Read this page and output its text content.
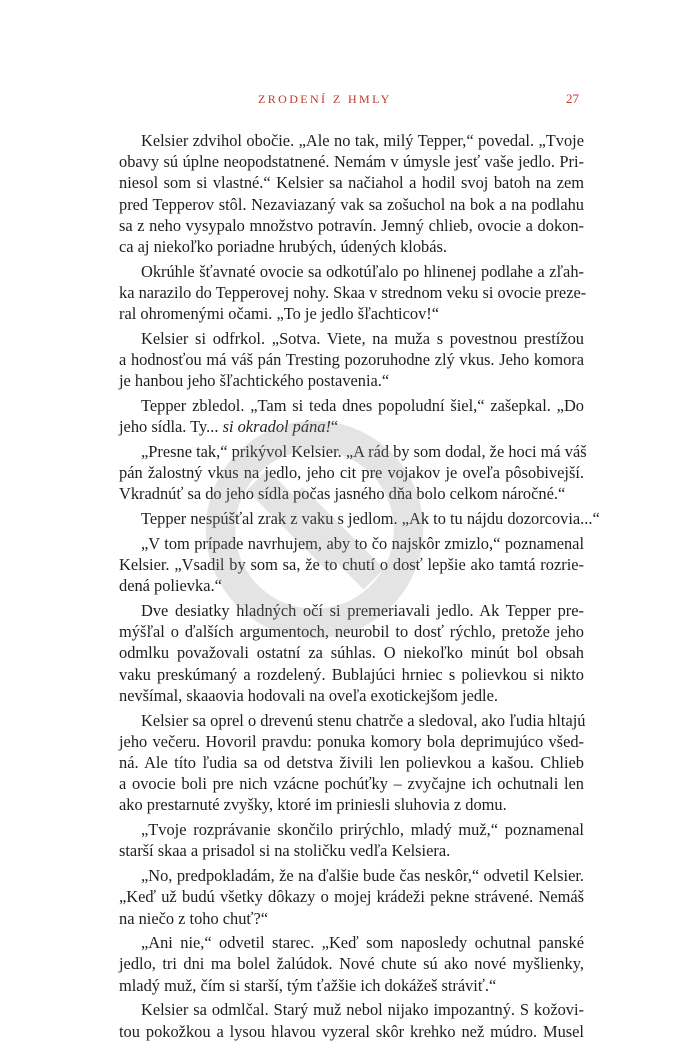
ZRODENÍ Z HMLY	27
Kelsier zdvihol obočie. „Ale no tak, milý Tepper,“ povedal. „Tvoje
obavy sú úplne neopodstatnené. Nemám v úmysle jesť vaše jedlo. Pri-
niesol som si vlastné.“ Kelsier sa načiahol a hodil svoj batoh na zem
pred Tepperov stôl. Nezaviazaný vak sa zošuchol na bok a na podlahu
sa z neho vysypalo množstvo potravín. Jemný chlieb, ovocie a dokon-
ca aj niekoľko poriadne hrubých, údených klobás.
Okrúhle šťavnaté ovocie sa odkotúľalo po hlinenej podlahe a zľah-
ka narazilo do Tepperovej nohy. Skaa v strednom veku si ovocie preze-
ral ohromenými očami. „To je jedlo šľachticov!“
Kelsier si odfrkol. „Sotva. Viete, na muža s povestnou prestížou
a hodnosťou má váš pán Tresting pozoruhodne zlý vkus. Jeho komora
je hanbou jeho šľachtického postavenia.“
Tepper zbledol. „Tam si teda dnes popoludní šiel,“ zašepkal. „Do
jeho sídla. Ty... si okradol pána!“
„Presne tak,“ prikývol Kelsier. „A rád by som dodal, že hoci má váš
pán žalostný vkus na jedlo, jeho cit pre vojakov je oveľa pôsobivejší.
Vkradnúť sa do jeho sídla počas jasného dňa bolo celkom náročné.“
Tepper nespúšťal zrak z vaku s jedlom. „Ak to tu nájdu dozorcovia...“
„V tom prípade navrhujem, aby to čo najskôr zmizlo,“ poznamenal
Kelsier. „Vsadil by som sa, že to chutí o dosť lepšie ako tamtá rozrie-
dená polievka.“
Dve desiatky hladných očí si premeriavali jedlo. Ak Tepper pre-
mýšľal o ďalších argumentoch, neurobil to dosť rýchlo, pretože jeho
odmlku považovali ostatní za súhlas. O niekoľko minút bol obsah
vaku preskúmaný a rozdelený. Bublajúci hrniec s polievkou si nikto
nevšímal, skaaovia hodovali na oveľa exotickejšom jedle.
Kelsier sa oprel o drevenú stenu chatrče a sledoval, ako ľudia hltajú
jeho večeru. Hovoril pravdu: ponuka komory bola deprimujúco všed-
ná. Ale títo ľudia sa od detstva živili len polievkou a kašou. Chlieb
a ovocie boli pre nich vzácne pochúťky – zvyčajne ich ochutnali len
ako prestarnuté zvyšky, ktoré im priniesli sluhovia z domu.
„Tvoje rozprávanie skončilo prirýchlo, mladý muž,“ poznamenal
starší skaa a prisadol si na stoličku vedľa Kelsiera.
„No, predpokladám, že na ďalšie bude čas neskôr,“ odvetil Kelsier.
„Keď už budú všetky dôkazy o mojej krádeži pekne strávené. Nemáš
na niečo z toho chuť?“
„Ani nie,“ odvetil starec. „Keď som naposledy ochutnal panské
jedlo, tri dni ma bolel žalúdok. Nové chute sú ako nové myšlienky,
mladý muž, čím si starší, tým ťažšie ich dokážeš stráviť.“
Kelsier sa odmlčal. Starý muž nebol nijako impozantný. S kožovi-
tou pokožkou a lysou hlavou vyzeral skôr krehko než múdro. Musel
